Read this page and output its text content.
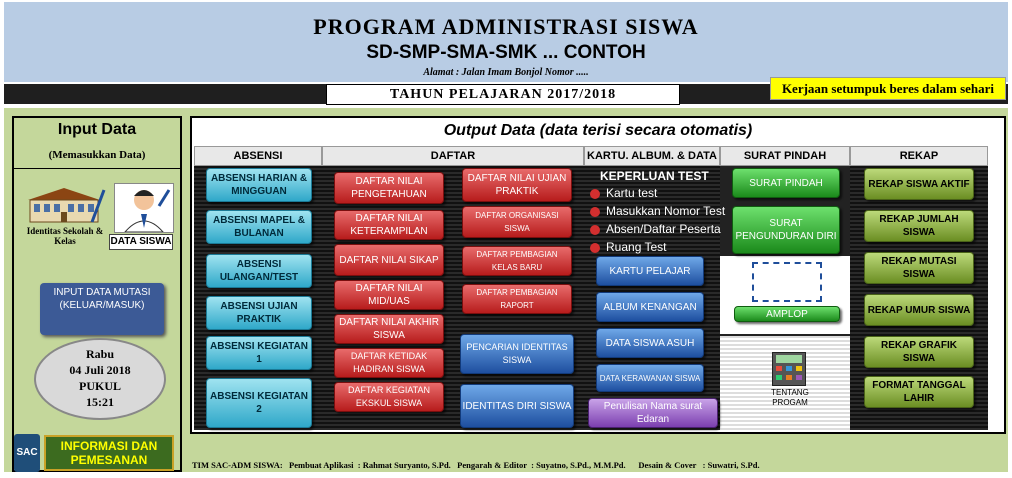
PROGRAM ADMINISTRASI SISWA
SD-SMP-SMA-SMK ... CONTOH
Alamat : Jalan Imam Bonjol Nomor .....
TAHUN PELAJARAN 2017/2018	Kerjaan setumpuk beres dalam sehari
Input Data
(Memasukkan Data)
Identitas Sekolah & Kelas	DATA SISWA
INPUT DATA MUTASI (KELUAR/MASUK)
Rabu
04 Juli 2018
PUKUL
15:21
SAC	INFORMASI DAN PEMESANAN
Output Data (data terisi secara otomatis)
ABSENSI	DAFTAR	KARTU. ALBUM. & DATA	SURAT PINDAH	REKAP
ABSENSI HARIAN & MINGGUAN
ABSENSI MAPEL & BULANAN
ABSENSI ULANGAN/TEST
ABSENSI UJIAN PRAKTIK
ABSENSI KEGIATAN 1
ABSENSI KEGIATAN 2
DAFTAR NILAI PENGETAHUAN
DAFTAR NILAI KETERAMPILAN
DAFTAR NILAI SIKAP
DAFTAR NILAI MID/UAS
DAFTAR NILAI AKHIR SISWA
DAFTAR KETIDAK HADIRAN SISWA
DAFTAR KEGIATAN EKSKUL SISWA
DAFTAR NILAI UJIAN PRAKTIK
DAFTAR ORGANISASI SISWA
DAFTAR PEMBAGIAN KELAS BARU
DAFTAR PEMBAGIAN RAPORT
PENCARIAN IDENTITAS SISWA
IDENTITAS DIRI SISWA
KEPERLUAN TEST
Kartu test
Masukkan Nomor Test
Absen/Daftar Peserta
Ruang Test
KARTU PELAJAR
ALBUM KENANGAN
DATA SISWA ASUH
DATA KERAWANAN SISWA
Penulisan Nama surat Edaran
SURAT PINDAH
SURAT PENGUNDURAN DIRI
AMPLOP
TENTANG PROGAM
REKAP SISWA AKTIF
REKAP JUMLAH SISWA
REKAP MUTASI SISWA
REKAP UMUR SISWA
REKAP GRAFIK SISWA
FORMAT TANGGAL LAHIR
TIM SAC-ADM SISWA:   Pembuat Aplikasi  : Rahmat Suryanto, S.Pd.   Pengarah & Editor  : Suyatno, S.Pd., M.M.Pd.      Desain & Cover   : Suwatri, S.Pd.
